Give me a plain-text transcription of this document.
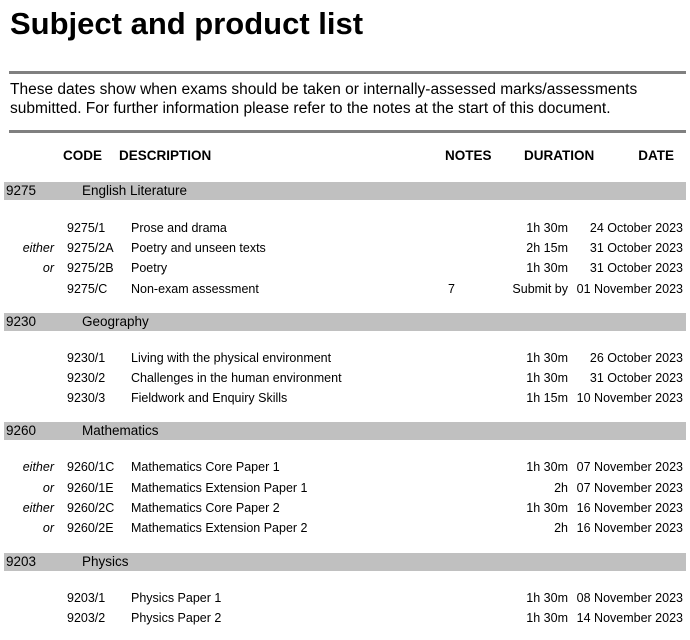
Subject and product list

These dates show when exams should be taken or internally-assessed marks/assessments submitted. For further information please refer to the notes at the start of this document.

CODE DESCRIPTION	NOTES DURATION	DATE
9275	English Literature
9275/1 Prose and drama	1h 30m 24 October 2023
either 9275/2A Poetry and unseen texts	2h 15m 31 October 2023
or 9275/2B Poetry	1h 30m 31 October 2023
9275/C Non-exam assessment	7	Submit by 01 November 2023
9230	Geography
9230/1 Living with the physical environment	1h 30m 26 October 2023
9230/2 Challenges in the human environment	1h 30m 31 October 2023
9230/3 Fieldwork and Enquiry Skills	1h 15m 10 November 2023
9260	Mathematics
either 9260/1C Mathematics Core Paper 1	1h 30m 07 November 2023
or 9260/1E Mathematics Extension Paper 1	2h 07 November 2023
either 9260/2C Mathematics Core Paper 2	1h 30m 16 November 2023
or 9260/2E Mathematics Extension Paper 2	2h 16 November 2023
9203	Physics
9203/1 Physics Paper 1	1h 30m 08 November 2023
9203/2 Physics Paper 2	1h 30m 14 November 2023
